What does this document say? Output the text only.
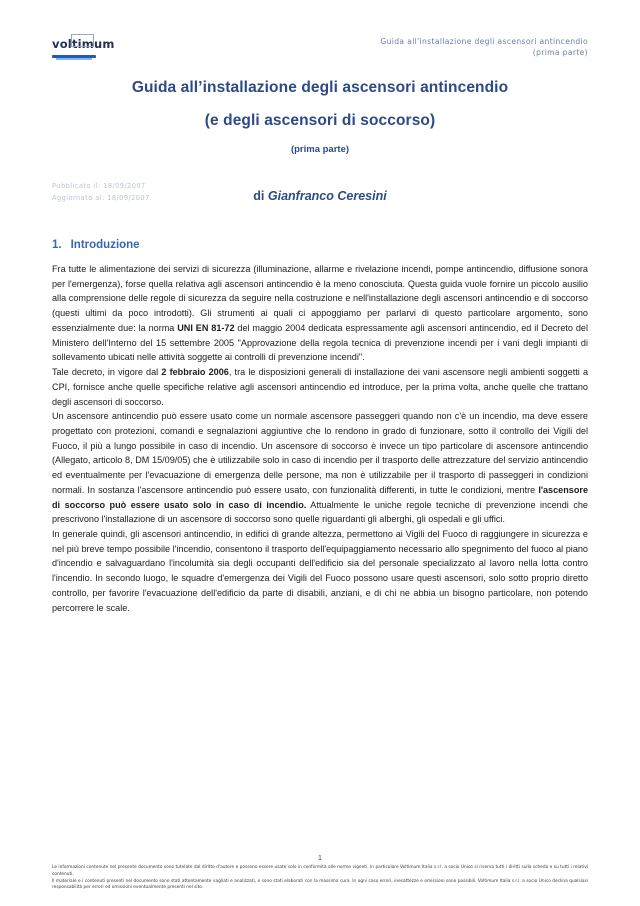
voltimum	Guida all'installazione degli ascensori antincendio
(prima parte)
Guida all’installazione degli ascensori antincendio
(e degli ascensori di soccorso)
(prima parte)
Pubblicato il: 18/09/2007
Aggiornato al: 18/09/2007	di Gianfranco Ceresini
1. Introduzione

Fra tutte le alimentazione dei servizi di sicurezza (illuminazione, allarme e rivelazione incendi, pompe antincendio, diffusione sonora per l'emergenza), forse quella relativa agli ascensori antincendio è la meno conosciuta. Questa guida vuole fornire un piccolo ausilio alla comprensione delle regole di sicurezza da seguire nella costruzione e nell'installazione degli ascensori antincendio e di soccorso (questi ultimi da poco introdotti). Gli strumenti ai quali ci appoggiamo per parlarvi di questo particolare argomento, sono essenzialmente due: la norma UNI EN 81-72 del maggio 2004 dedicata espressamente agli ascensori antincendio, ed il Decreto del Ministero dell'Interno del 15 settembre 2005 "Approvazione della regola tecnica di prevenzione incendi per i vani degli impianti di sollevamento ubicati nelle attività soggette ai controlli di prevenzione incendi".

Tale decreto, in vigore dal 2 febbraio 2006, tra le disposizioni generali di installazione dei vani ascensore negli ambienti soggetti a CPI, fornisce anche quelle specifiche relative agli ascensori antincendio ed introduce, per la prima volta, anche quelle che trattano degli ascensori di soccorso.

Un ascensore antincendio può essere usato come un normale ascensore passeggeri quando non c'è un incendio, ma deve essere progettato con protezioni, comandi e segnalazioni aggiuntive che lo rendono in grado di funzionare, sotto il controllo dei Vigili del Fuoco, il più a lungo possibile in caso di incendio. Un ascensore di soccorso è invece un tipo particolare di ascensore antincendio (Allegato, articolo 8, DM 15/09/05) che è utilizzabile solo in caso di incendio per il trasporto delle attrezzature del servizio antincendio ed eventualmente per l'evacuazione di emergenza delle persone, ma non è utilizzabile per il trasporto di passeggeri in condizioni normali. In sostanza l'ascensore antincendio può essere usato, con funzionalità differenti, in tutte le condizioni, mentre l'ascensore di soccorso può essere usato solo in caso di incendio. Attualmente le uniche regole tecniche di prevenzione incendi che prescrivono l'installazione di un ascensore di soccorso sono quelle riguardanti gli alberghi, gli ospedali e gli uffici.

In generale quindi, gli ascensori antincendio, in edifici di grande altezza, permettono ai Vigili del Fuoco di raggiungere in sicurezza e nel più breve tempo possibile l'incendio, consentono il trasporto dell'equipaggiamento necessario allo spegnimento del fuoco al piano d'incendio e salvaguardano l'incolumità sia degli occupanti dell'edificio sia del personale specializzato al lavoro nella lotta contro l'incendio. In secondo luogo, le squadre d'emergenza dei Vigili del Fuoco possono usare questi ascensori, solo sotto proprio diretto controllo, per favorire l'evacuazione dell'edificio da parte di disabili, anziani, e di chi ne abbia un bisogno particolare, non potendo percorrere le scale.

1

Le informazioni contenute nel presente documento sono tutelate dal diritto d'autore e possono essere usate solo in conformità alle norme vigenti. In particolare Voltimum Italia s.r.l. a socio Unico si riserva tutti i diritti sulla scheda e su tutti i relativi contenuti.

Il materiale e i contenuti presenti nel documento sono stati attentamente vagliati e analizzati, e sono stati elaborati con la massima cura. In ogni caso errori, inesattezze e omissioni sono possibili. Voltimum Italia s.r.l. a socio Unico declina qualsiasi responsabilità per errori ed omissioni eventualmente presenti nel sito.
